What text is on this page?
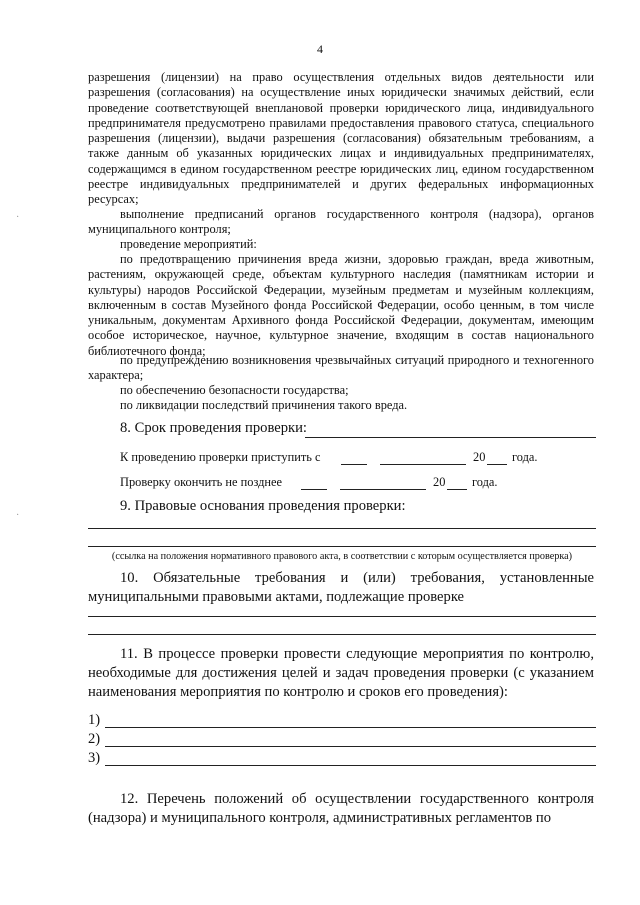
4

разрешения (лицензии) на право осуществления отдельных видов деятельности или разрешения (согласования) на осуществление иных юридически значимых действий, если проведение соответствующей внеплановой проверки юридического лица, индивидуального предпринимателя предусмотрено правилами предоставления правового статуса, специального разрешения (лицензии), выдачи разрешения (согласования) обязательным требованиям, а также данным об указанных юридических лицах и индивидуальных предпринимателях, содержащимся в едином государственном реестре юридических лиц, едином государственном реестре индивидуальных предпринимателей и других федеральных информационных ресурсах;

выполнение предписаний органов государственного контроля (надзора), органов муниципального контроля;

проведение мероприятий:

по предотвращению причинения вреда жизни, здоровью граждан, вреда животным, растениям, окружающей среде, объектам культурного наследия (памятникам истории и культуры) народов Российской Федерации, музейным предметам и музейным коллекциям, включенным в состав Музейного фонда Российской Федерации, особо ценным, в том числе уникальным, документам Архивного фонда Российской Федерации, документам, имеющим особое историческое, научное, культурное значение, входящим в состав национального библиотечного фонда;

по предупреждению возникновения чрезвычайных ситуаций природного и техногенного характера;

по обеспечению безопасности государства;

по ликвидации последствий причинения такого вреда.

8. Срок проведения проверки:

К проведению проверки приступить с	20 года.
Проверку окончить не позднее	20 года.

9. Правовые основания проведения проверки:

(ссылка на положения нормативного правового акта, в соответствии с которым осуществляется проверка)

10. Обязательные требования и (или) требования, установленные муниципальными правовыми актами, подлежащие проверке

11. В процессе проверки провести следующие мероприятия по контролю, необходимые для достижения целей и задач проведения проверки (с указанием наименования мероприятия по контролю и сроков его проведения):

1)
2)
3)

12. Перечень положений об осуществлении государственного контроля (надзора) и муниципального контроля, административных регламентов по

·
·
